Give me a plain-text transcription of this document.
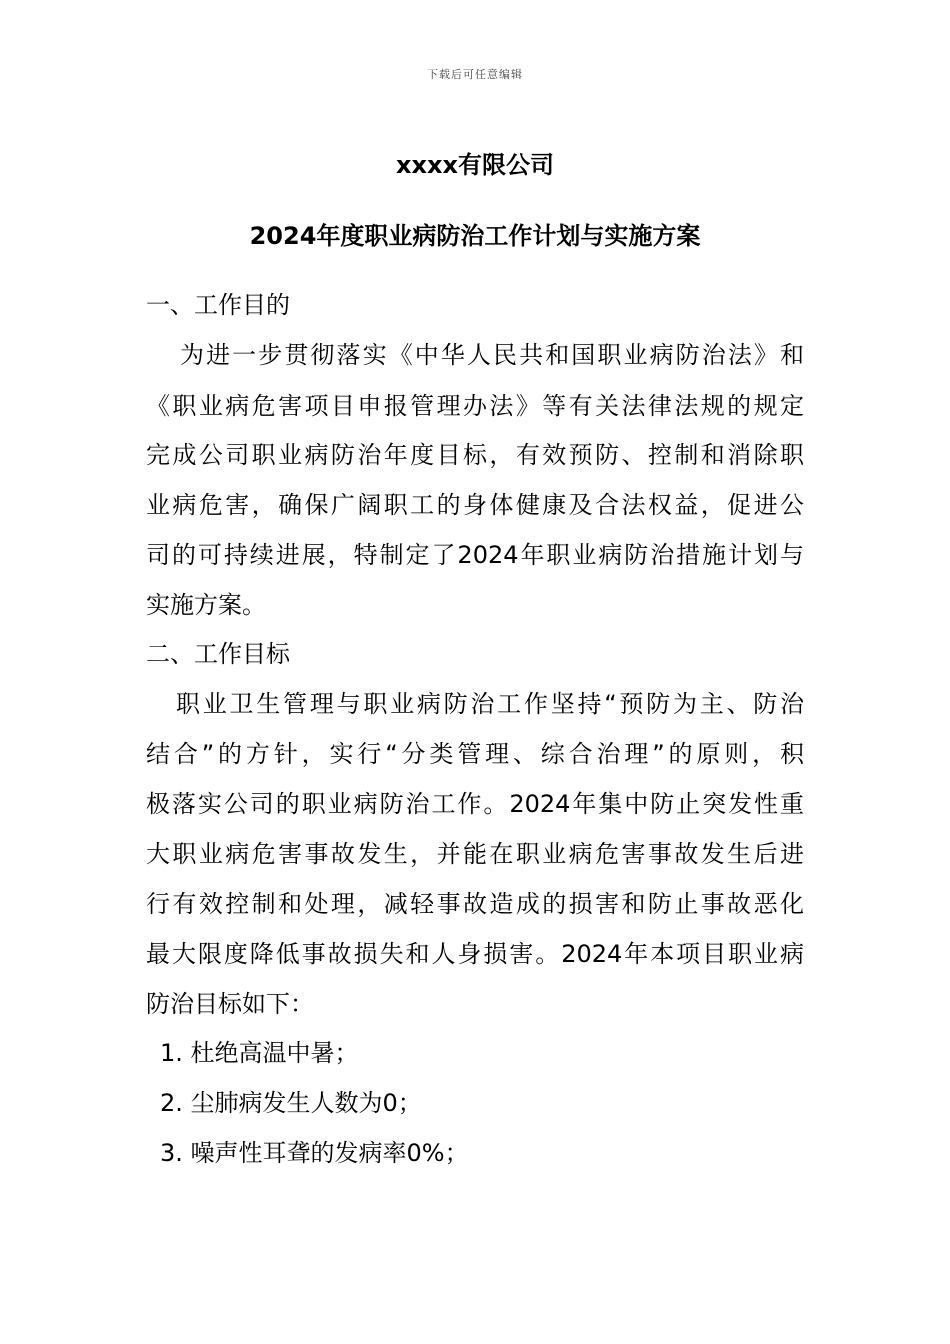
下载后可任意编辑
xxxx有限公司
2024年度职业病防治工作计划与实施方案
一、工作目的
为进一步贯彻落实《中华人民共和国职业病防治法》和
《职业病危害项目申报管理办法》等有关法律法规的规定
完成公司职业病防治年度目标，有效预防、控制和消除职
业病危害，确保广阔职工的身体健康及合法权益，促进公
司的可持续进展，特制定了2024年职业病防治措施计划与
实施方案。
二、工作目标
职业卫生管理与职业病防治工作坚持“预防为主、防治
结合”的方针，实行“分类管理、综合治理”的原则，积
极落实公司的职业病防治工作。2024年集中防止突发性重
大职业病危害事故发生，并能在职业病危害事故发生后进
行有效控制和处理，减轻事故造成的损害和防止事故恶化
最大限度降低事故损失和人身损害。2024年本项目职业病
防治目标如下：
1. 杜绝高温中暑；
2. 尘肺病发生人数为0；
3. 噪声性耳聋的发病率0%；
